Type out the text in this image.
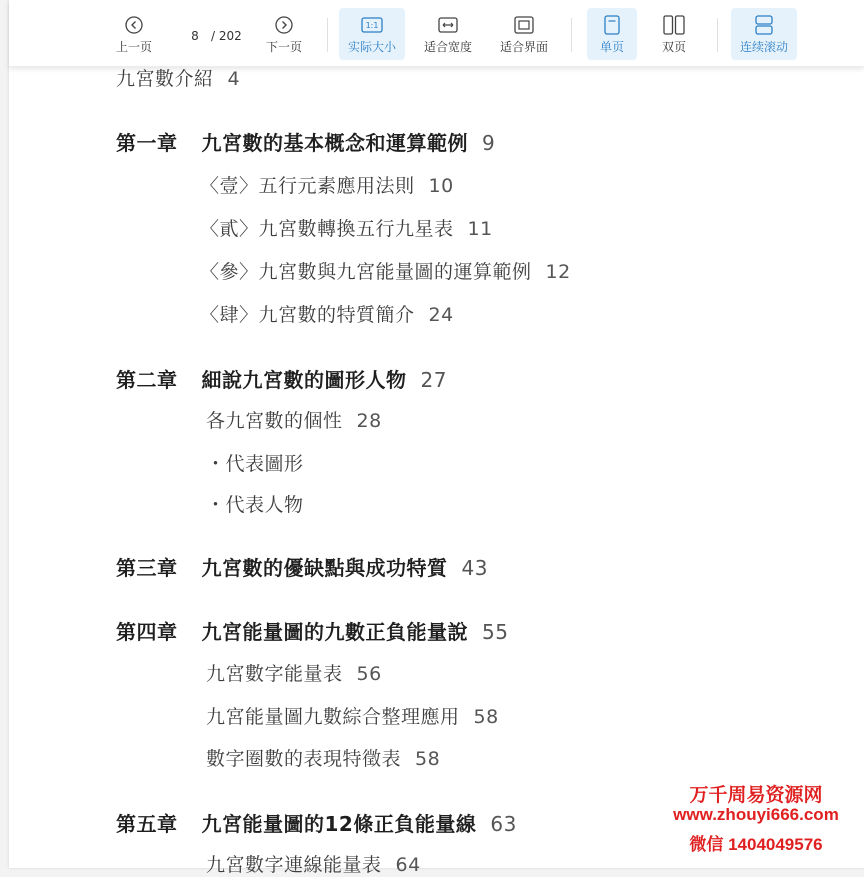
九宮數介紹 4
第一章 九宮數的基本概念和運算範例 9
〈壹〉五行元素應用法則 10
〈貳〉九宮數轉換五行九星表 11
〈參〉九宮數與九宮能量圖的運算範例 12
〈肆〉九宮數的特質簡介 24
第二章 細說九宮數的圖形人物 27
各九宮數的個性 28
・代表圖形
・代表人物
第三章 九宮數的優缺點與成功特質 43
第四章 九宮能量圖的九數正負能量說 55
九宮數字能量表 56
九宮能量圖九數綜合整理應用 58
數字圈數的表現特徵表 58
第五章 九宮能量圖的12條正負能量線 63
九宮數字連線能量表 64
上一页
8	/ 202
下一页
1:1
实际大小 适合宽度 适合界面	单页	双页	连续滚动
万千周易资源网
www.zhouyi666.com
微信 1404049576
